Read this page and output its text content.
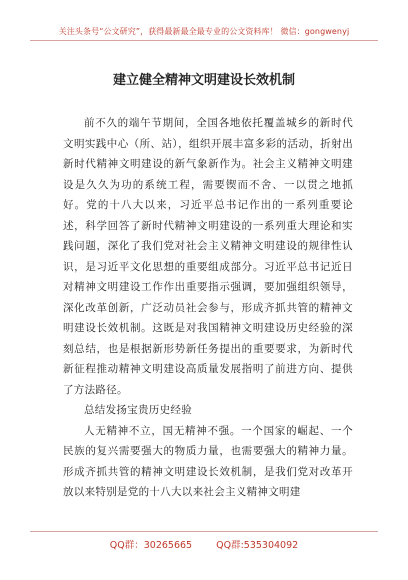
关注头条号“公文研究”，获得最新最全最专业的公文资料库！ 微信：gongwenyj
建立健全精神文明建设长效机制

前不久的端午节期间，全国各地依托覆盖城乡的新时代文明实践中心（所、站），组织开展丰富多彩的活动，折射出新时代精神文明建设的新气象新作为。社会主义精神文明建设是久久为功的系统工程，需要锲而不舍、一以贯之地抓好。党的十八大以来，习近平总书记作出的一系列重要论述，科学回答了新时代精神文明建设的一系列重大理论和实践问题，深化了我们党对社会主义精神文明建设的规律性认识，是习近平文化思想的重要组成部分。习近平总书记近日对精神文明建设工作作出重要指示强调，要加强组织领导，深化改革创新，广泛动员社会参与，形成齐抓共管的精神文明建设长效机制。这既是对我国精神文明建设历史经验的深刻总结，也是根据新形势新任务提出的重要要求，为新时代新征程推动精神文明建设高质量发展指明了前进方向、提供了方法路径。

总结发扬宝贵历史经验

人无精神不立，国无精神不强。一个国家的崛起、一个民族的复兴需要强大的物质力量，也需要强大的精神力量。形成齐抓共管的精神文明建设长效机制，是我们党对改革开放以来特别是党的十八大以来社会主义精神文明建

QQ群：30265665	QQ群:535304092
